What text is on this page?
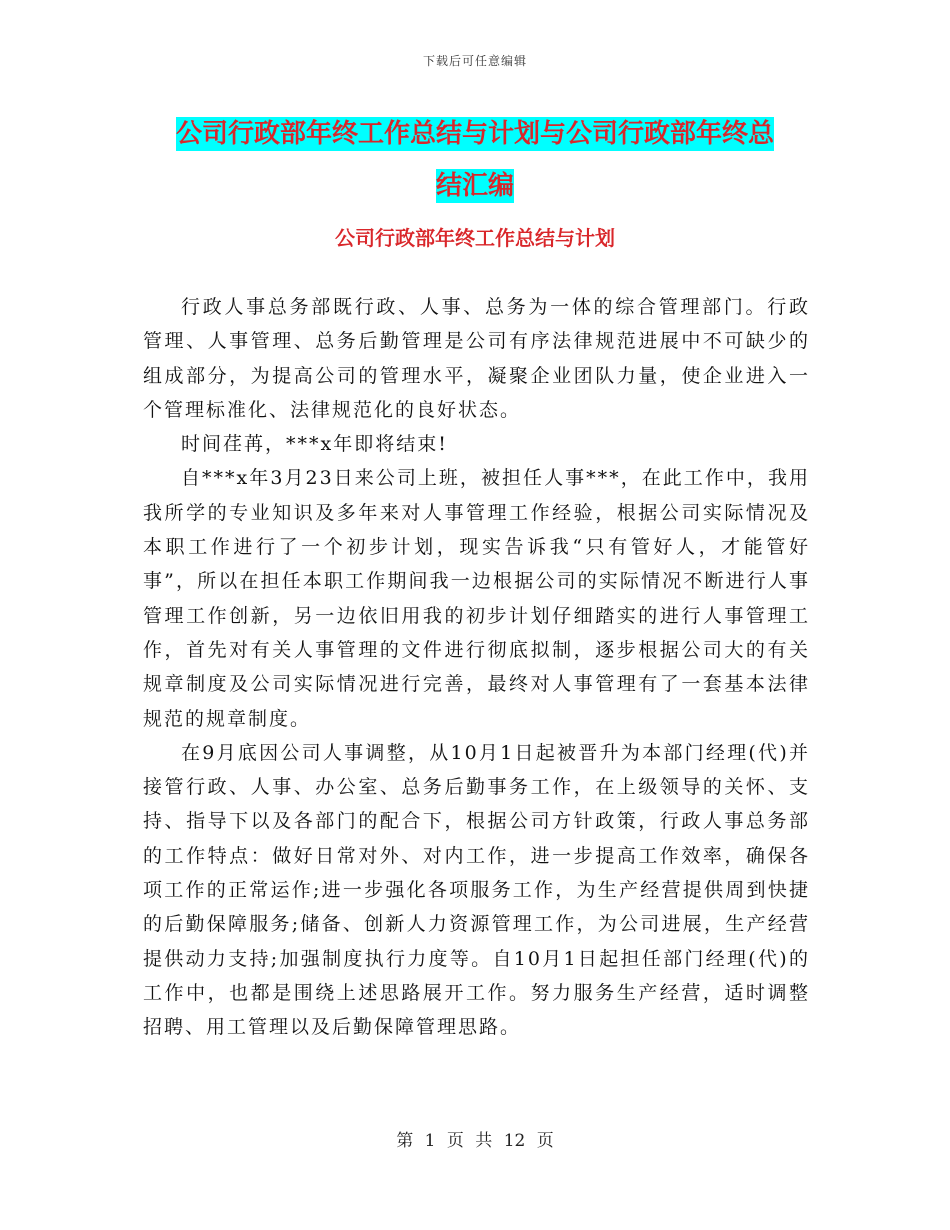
下载后可任意编辑
公司行政部年终工作总结与计划与公司行政部年终总
结汇编
公司行政部年终工作总结与计划

行政人事总务部既行政、人事、总务为一体的综合管理部门。行政管理、人事管理、总务后勤管理是公司有序法律规范进展中不可缺少的组成部分，为提高公司的管理水平，凝聚企业团队力量，使企业进入一个管理标准化、法律规范化的良好状态。

时间荏苒，***x年即将结束!

自***x年3月23日来公司上班，被担任人事***，在此工作中，我用我所学的专业知识及多年来对人事管理工作经验，根据公司实际情况及本职工作进行了一个初步计划，现实告诉我“只有管好人，才能管好事”，所以在担任本职工作期间我一边根据公司的实际情况不断进行人事管理工作创新，另一边依旧用我的初步计划仔细踏实的进行人事管理工作，首先对有关人事管理的文件进行彻底拟制，逐步根据公司大的有关规章制度及公司实际情况进行完善，最终对人事管理有了一套基本法律规范的规章制度。

在9月底因公司人事调整，从10月1日起被晋升为本部门经理(代)并接管行政、人事、办公室、总务后勤事务工作，在上级领导的关怀、支持、指导下以及各部门的配合下，根据公司方针政策，行政人事总务部的工作特点：做好日常对外、对内工作，进一步提高工作效率，确保各项工作的正常运作;进一步强化各项服务工作，为生产经营提供周到快捷的后勤保障服务;储备、创新人力资源管理工作，为公司进展，生产经营提供动力支持;加强制度执行力度等。自10月1日起担任部门经理(代)的工作中，也都是围绕上述思路展开工作。努力服务生产经营，适时调整招聘、用工管理以及后勤保障管理思路。

第 1 页 共 12 页
